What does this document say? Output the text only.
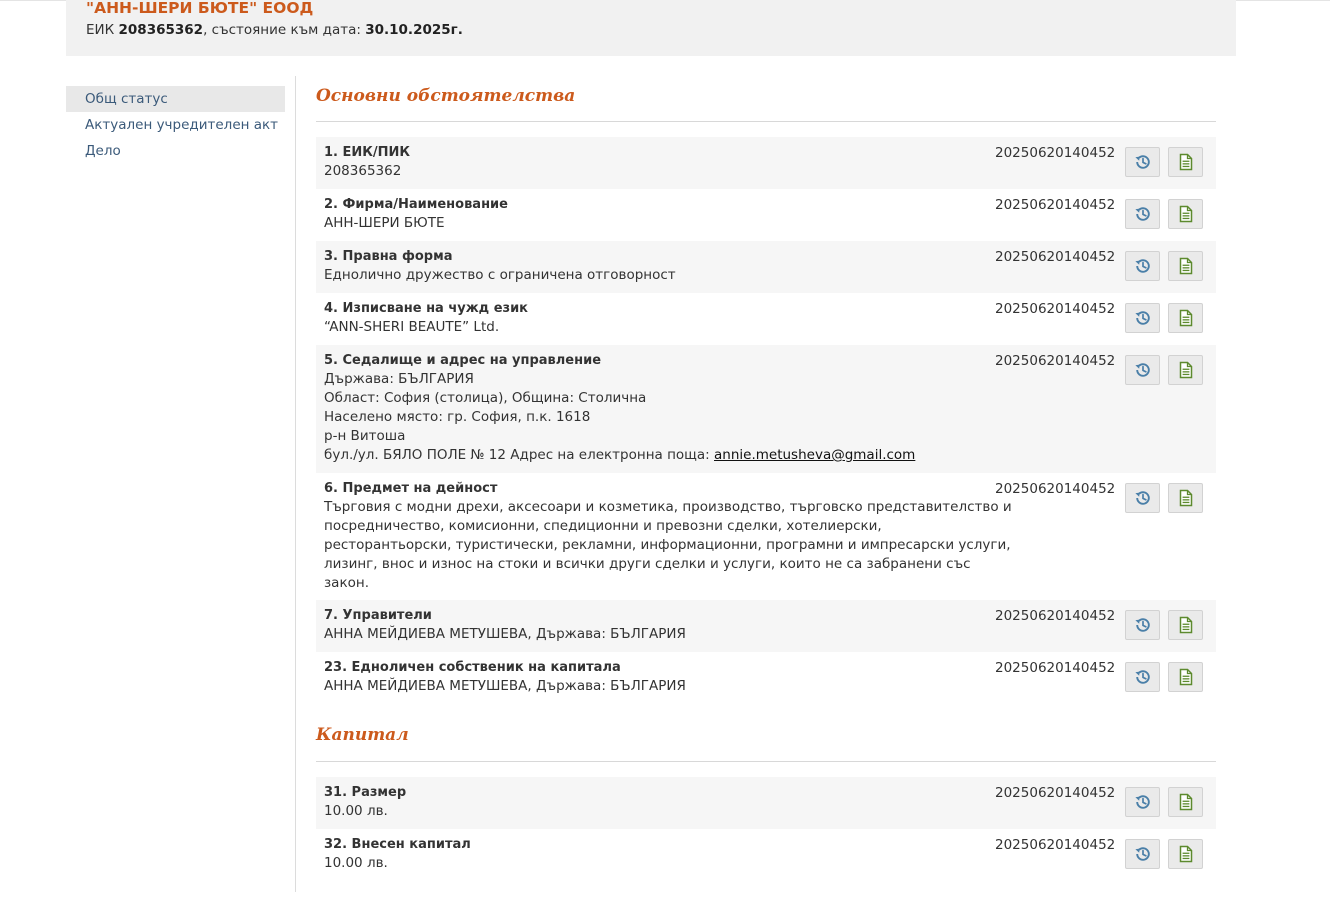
"АНН-ШЕРИ БЮТЕ" ЕООД
ЕИК 208365362, състояние към дата: 30.10.2025г.
Общ статус
Актуален учредителен акт
Дело
Основни обстоятелства
1. ЕИК/ПИК
208365362
20250620140452
2. Фирма/Наименование
АНН-ШЕРИ БЮТЕ
20250620140452
3. Правна форма
Еднолично дружество с ограничена отговорност
20250620140452
4. Изписване на чужд език
“ANN-SHERI BEAUTE” Ltd.
20250620140452
5. Седалище и адрес на управление
Държава: БЪЛГАРИЯ
Област: София (столица), Община: Столична
Населено място: гр. София, п.к. 1618
р-н Витоша
бул./ул. БЯЛО ПОЛЕ № 12 Адрес на електронна поща: annie.metusheva@gmail.com
20250620140452
6. Предмет на дейност
Търговия с модни дрехи, аксесоари и козметика, производство, търговско представителство и
посредничество, комисионни, спедиционни и превозни сделки, хотелиерски,
ресторантьорски, туристически, рекламни, информационни, програмни и импресарски услуги,
лизинг, внос и износ на стоки и всички други сделки и услуги, които не са забранени със
закон.
20250620140452
7. Управители
АННА МЕЙДИЕВА МЕТУШЕВА, Държава: БЪЛГАРИЯ
20250620140452
23. Едноличен собственик на капитала
АННА МЕЙДИЕВА МЕТУШЕВА, Държава: БЪЛГАРИЯ
20250620140452
Капитал
31. Размер
10.00 лв.
20250620140452
32. Внесен капитал
10.00 лв.
20250620140452
